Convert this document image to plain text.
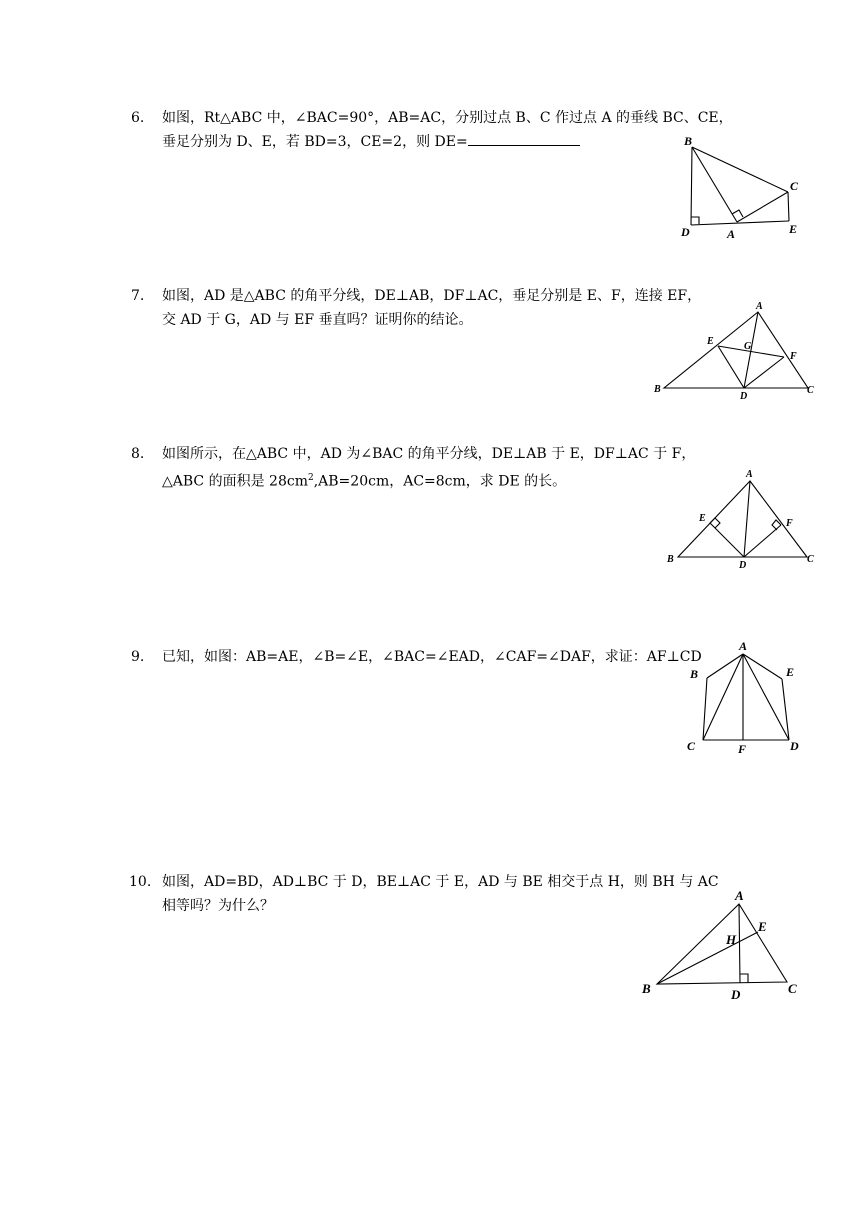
6. 如图，Rt△ABC 中，∠BAC=90°，AB=AC，分别过点 B、C 作过点 A 的垂线 BC、CE，
垂足分别为 D、E，若 BD=3，CE=2，则 DE=	B
C
D	A	E
7. 如图，AD 是△ABC 的角平分线，DE⊥AB，DF⊥AC，垂足分别是 E、F，连接 EF，
交 AD 于 G，AD 与 EF 垂直吗？证明你的结论。
A
E	G
F
B
D
C
8. 如图所示，在△ABC 中，AD 为∠BAC 的角平分线，DE⊥AB 于 E，DF⊥AC 于 F，
△ABC 的面积是 $28cm^2,AB=20cm$，AC=8cm，求 DE 的长。	A
E	F
B
D
C
9. 已知，如图：AB=AE，∠B=∠E，∠BAC=∠EAD，∠CAF=∠DAF，求证：AF⊥CD
A
B	E
C	F	D
10. 如图，AD=BD，AD⊥BC 于 D，BE⊥AC 于 E，AD 与 BE 相交于点 H，则 BH 与 AC
相等吗？为什么？
A
E
H
B	D	C
